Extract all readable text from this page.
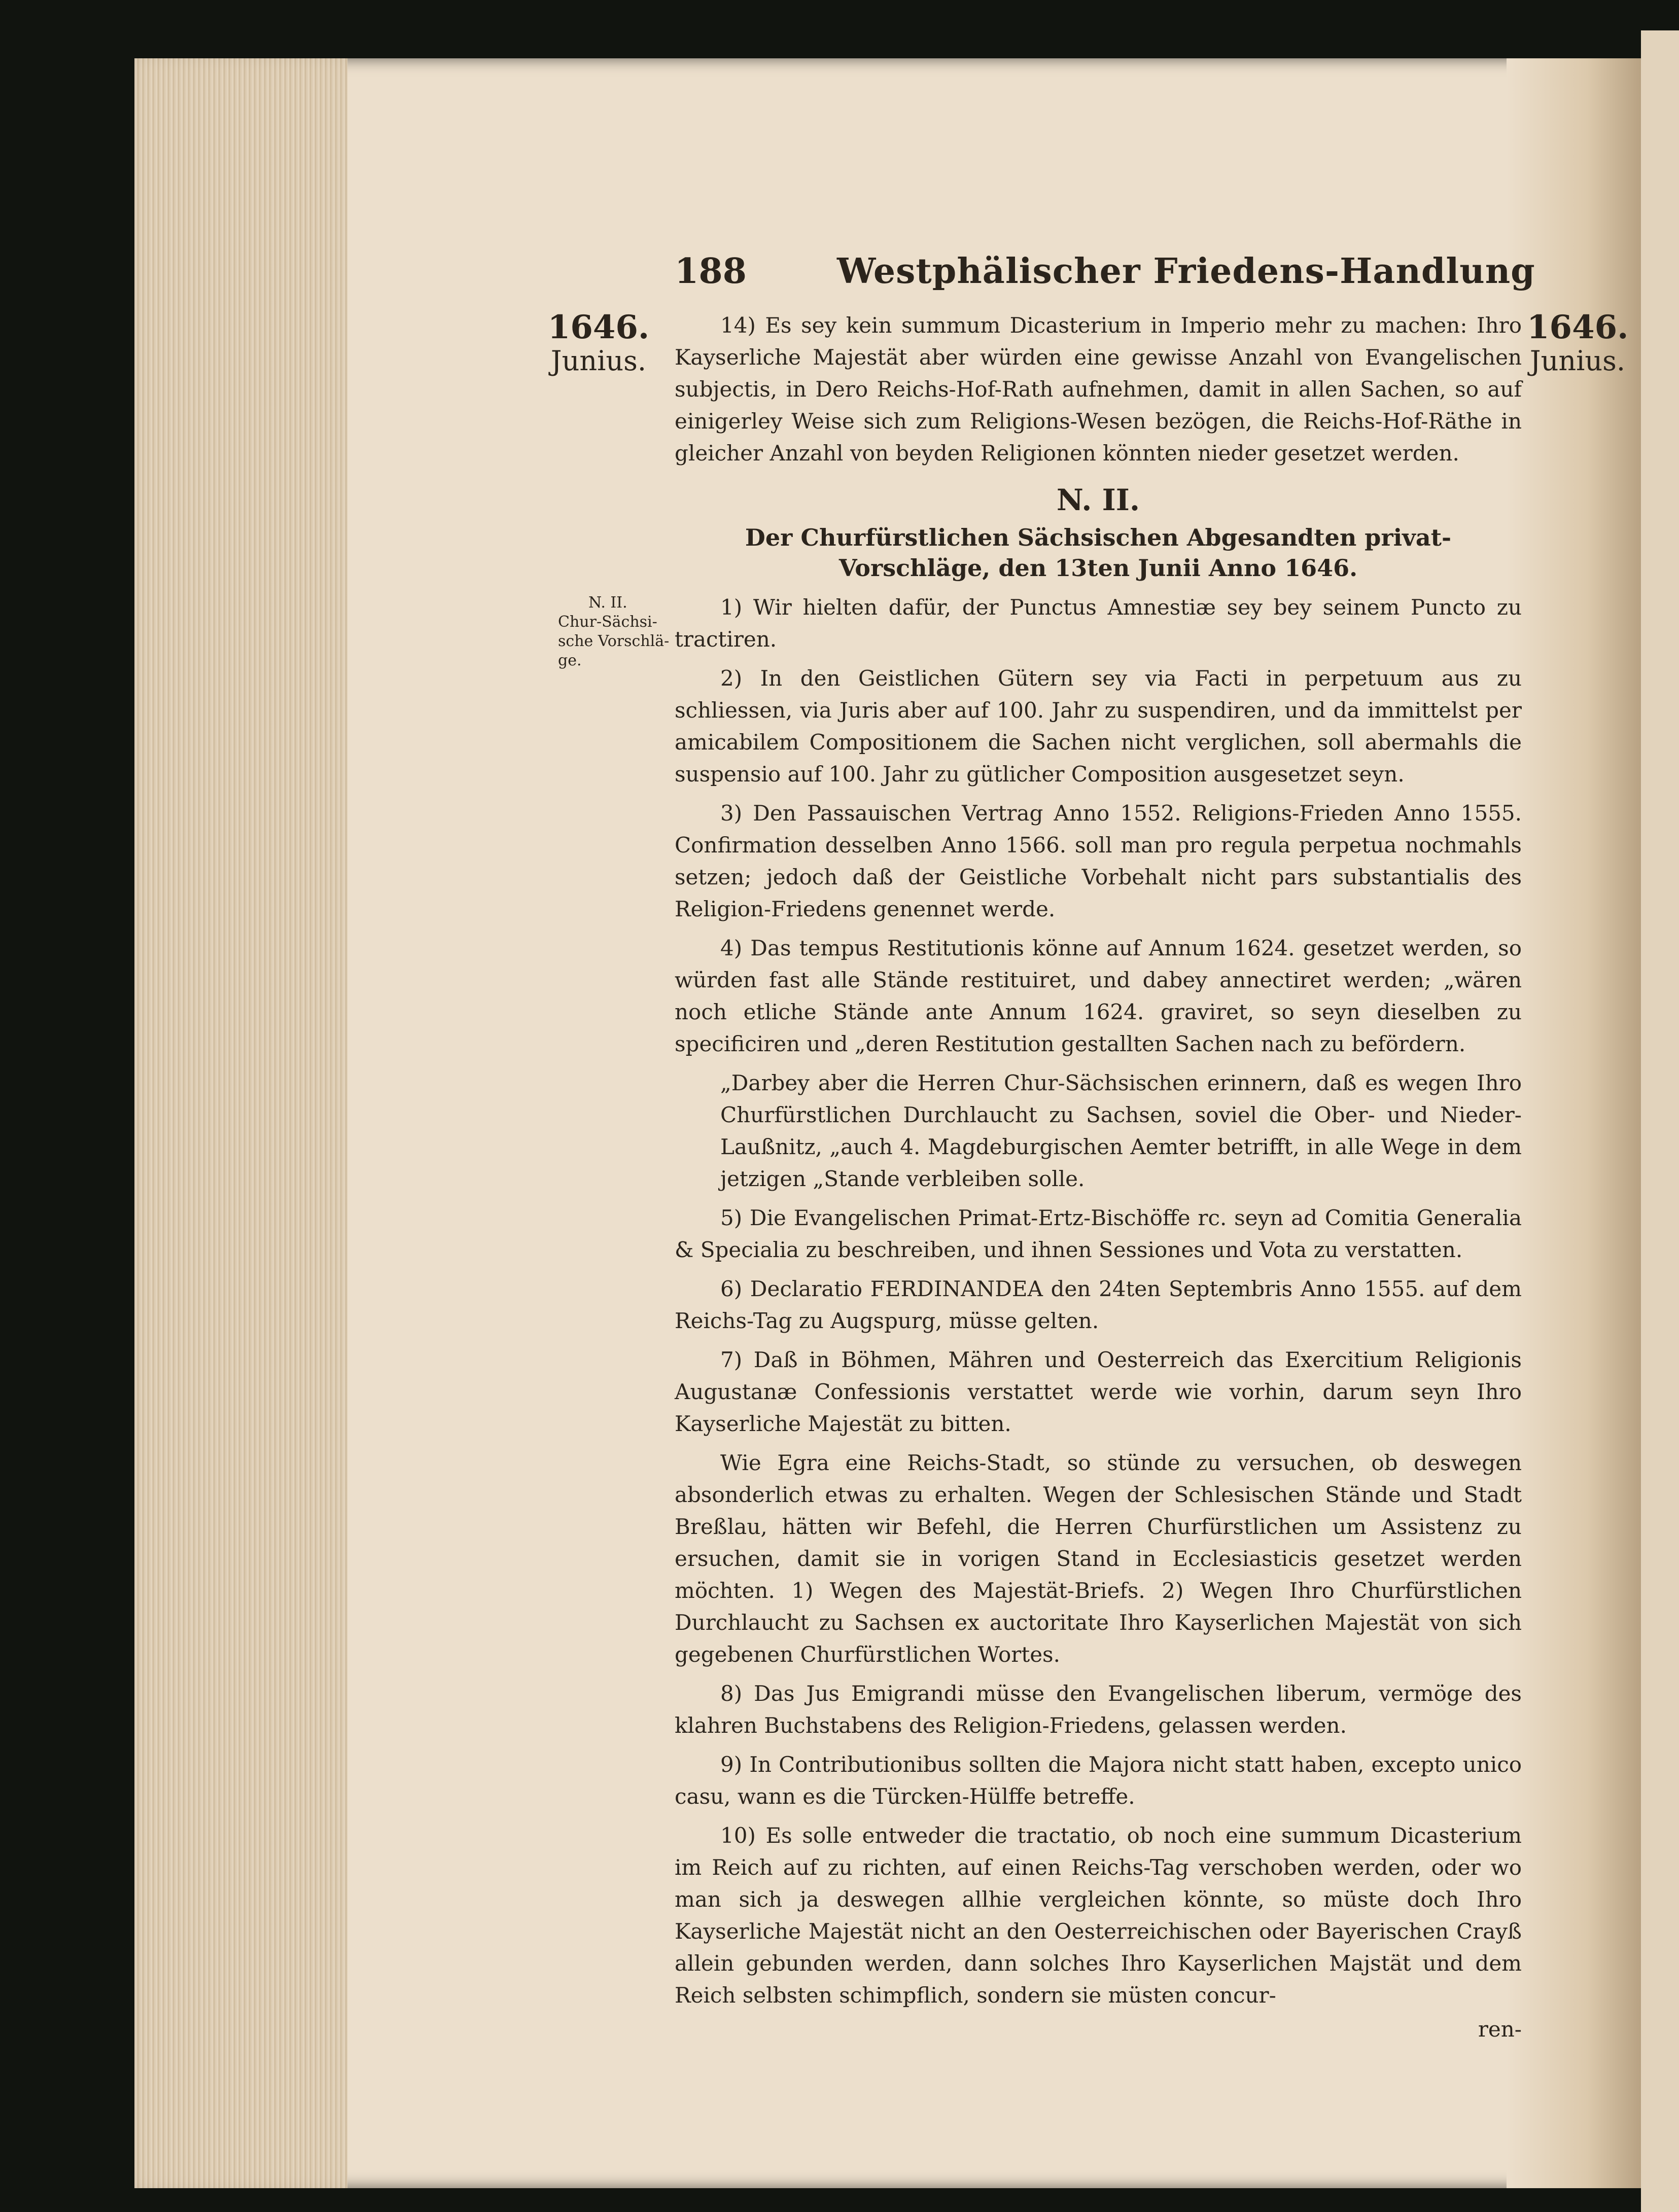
188	Westphälischer Friedens-Handlung
1646.
Junius.
1646.
Junius.
N. II.
Chur-Sächsi-
sche Vorschlä-
ge.

14) Es sey kein summum Dicasterium in Imperio mehr zu machen: Ihro Kayserliche Majestät aber würden eine gewisse Anzahl von Evangelischen subjectis, in Dero Reichs-Hof-Rath aufnehmen, damit in allen Sachen, so auf einigerley Weise sich zum Religions-Wesen bezögen, die Reichs-Hof-Räthe in gleicher Anzahl von beyden Religionen könnten nieder gesetzet werden.

N. II.

Der Churfürstlichen Sächsischen Abgesandten privat-Vorschläge, den 13ten Junii Anno 1646.

1) Wir hielten dafür, der Punctus Amnestiæ sey bey seinem Puncto zu tractiren.

2) In den Geistlichen Gütern sey via Facti in perpetuum aus zu schliessen, via Juris aber auf 100. Jahr zu suspendiren, und da immittelst per amicabilem Compositionem die Sachen nicht verglichen, soll abermahls die suspensio auf 100. Jahr zu gütlicher Composition ausgesetzet seyn.

3) Den Passauischen Vertrag Anno 1552. Religions-Frieden Anno 1555. Confirmation desselben Anno 1566. soll man pro regula perpetua nochmahls setzen; jedoch daß der Geistliche Vorbehalt nicht pars substantialis des Religion-Friedens genennet werde.

4) Das tempus Restitutionis könne auf Annum 1624. gesetzet werden, so würden fast alle Stände restituiret, und dabey annectiret werden; „wären noch etliche Stände ante Annum 1624. graviret, so seyn dieselben zu specificiren und „deren Restitution gestallten Sachen nach zu befördern.

„Darbey aber die Herren Chur-Sächsischen erinnern, daß es wegen Ihro Churfürstlichen Durchlaucht zu Sachsen, soviel die Ober- und Nieder-Laußnitz, „auch 4. Magdeburgischen Aemter betrifft, in alle Wege in dem jetzigen „Stande verbleiben solle.

5) Die Evangelischen Primat-Ertz-Bischöffe rc. seyn ad Comitia Generalia & Specialia zu beschreiben, und ihnen Sessiones und Vota zu verstatten.

6) Declaratio FERDINANDEA den 24ten Septembris Anno 1555. auf dem Reichs-Tag zu Augspurg, müsse gelten.

7) Daß in Böhmen, Mähren und Oesterreich das Exercitium Religionis Augustanæ Confessionis verstattet werde wie vorhin, darum seyn Ihro Kayserliche Majestät zu bitten.

Wie Egra eine Reichs-Stadt, so stünde zu versuchen, ob deswegen absonderlich etwas zu erhalten. Wegen der Schlesischen Stände und Stadt Breßlau, hätten wir Befehl, die Herren Churfürstlichen um Assistenz zu ersuchen, damit sie in vorigen Stand in Ecclesiasticis gesetzet werden möchten. 1) Wegen des Majestät-Briefs. 2) Wegen Ihro Churfürstlichen Durchlaucht zu Sachsen ex auctoritate Ihro Kayserlichen Majestät von sich gegebenen Churfürstlichen Wortes.

8) Das Jus Emigrandi müsse den Evangelischen liberum, vermöge des klahren Buchstabens des Religion-Friedens, gelassen werden.

9) In Contributionibus sollten die Majora nicht statt haben, excepto unico casu, wann es die Türcken-Hülffe betreffe.

10) Es solle entweder die tractatio, ob noch eine summum Dicasterium im Reich auf zu richten, auf einen Reichs-Tag verschoben werden, oder wo man sich ja deswegen allhie vergleichen könnte, so müste doch Ihro Kayserliche Majestät nicht an den Oesterreichischen oder Bayerischen Crayß allein gebunden werden, dann solches Ihro Kayserlichen Majstät und dem Reich selbsten schimpflich, sondern sie müsten concur-

ren-
